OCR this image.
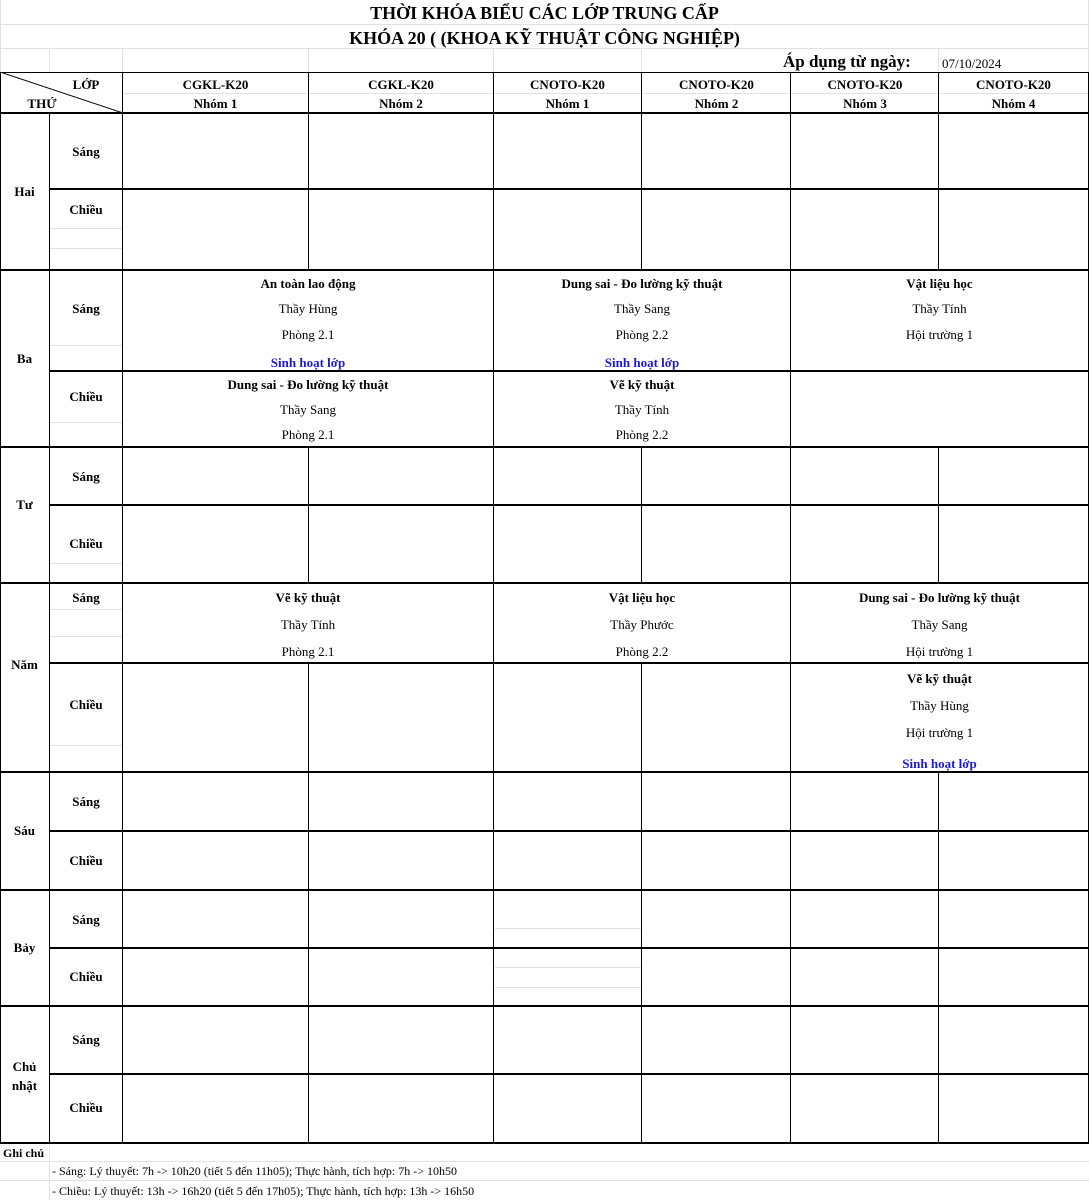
THỜI KHÓA BIỂU CÁC LỚP TRUNG CẤP
KHÓA 20 ( (KHOA KỸ THUẬT CÔNG NGHIỆP)
Áp dụng từ ngày: 07/10/2024
LỚP
THỨ
CGKL-K20
Nhóm 1
CGKL-K20
Nhóm 2
CNOTO-K20
Nhóm 1
CNOTO-K20
Nhóm 2
CNOTO-K20
Nhóm 3
CNOTO-K20
Nhóm 4
Hai
Ba
Tư
Năm
Sáu
Bảy
Chủ nhật
Sáng
Chiều
Sáng
Chiều
Sáng
Chiều
Sáng
Chiều
Sáng
Chiều
Sáng
Chiều
Sáng
Chiều
An toàn lao động
Thầy Hùng
Phòng 2.1
Sinh hoạt lớp
Dung sai - Đo lường kỹ thuật
Thầy Sang
Phòng 2.2
Sinh hoạt lớp
Vật liệu học
Thầy Tính
Hội trường 1
Dung sai - Đo lường kỹ thuật
Thầy Sang
Phòng 2.1
Vẽ kỹ thuật
Thầy Tính
Phòng 2.2
Vẽ kỹ thuật
Thầy Tính
Phòng 2.1
Vật liệu học
Thầy Phước
Phòng 2.2
Dung sai - Đo lường kỹ thuật
Thầy Sang
Hội trường 1
Vẽ kỹ thuật
Thầy Hùng
Hội trường 1
Sinh hoạt lớp
Ghi chú
- Sáng: Lý thuyết: 7h -> 10h20 (tiết 5 đến 11h05); Thực hành, tích hợp: 7h -> 10h50
- Chiều: Lý thuyết: 13h -> 16h20 (tiết 5 đến 17h05); Thực hành, tích hợp: 13h -> 16h50
